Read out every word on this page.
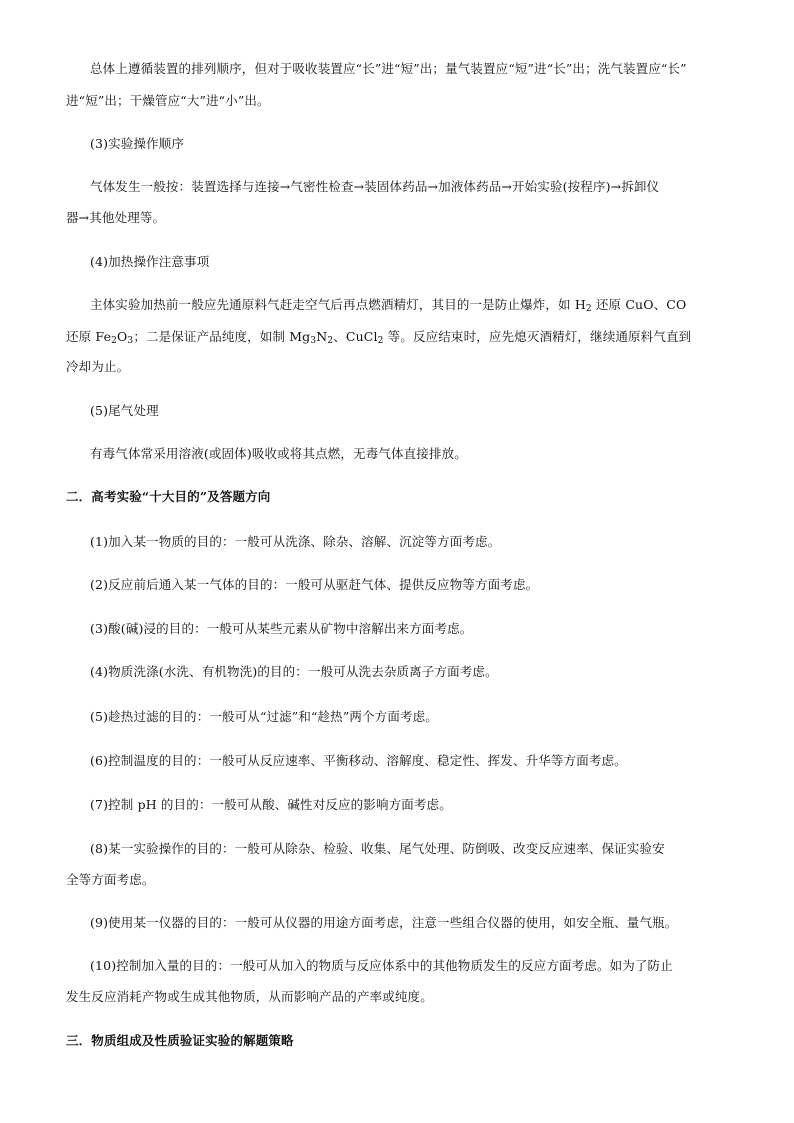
总体上遵循装置的排列顺序，但对于吸收装置应“长”进“短”出；量气装置应“短”进“长”出；洗气装置应“长”
进“短”出；干燥管应“大”进“小”出。
(3)实验操作顺序
气体发生一般按：装置选择与连接→气密性检查→装固体药品→加液体药品→开始实验(按程序)→拆卸仪
器→其他处理等。
(4)加热操作注意事项
主体实验加热前一般应先通原料气赶走空气后再点燃酒精灯，其目的一是防止爆炸，如 $H_2$ 还原 CuO、CO
还原 $Fe_2O_3$；二是保证产品纯度，如制 $Mg_3N_2$、CuCl$_2$ 等。反应结束时，应先熄灭酒精灯，继续通原料气直到
冷却为止。
(5)尾气处理
有毒气体常采用溶液(或固体)吸收或将其点燃，无毒气体直接排放。
二．高考实验“十大目的”及答题方向
(1)加入某一物质的目的：一般可从洗涤、除杂、溶解、沉淀等方面考虑。
(2)反应前后通入某一气体的目的：一般可从驱赶气体、提供反应物等方面考虑。
(3)酸(碱)浸的目的：一般可从某些元素从矿物中溶解出来方面考虑。
(4)物质洗涤(水洗、有机物洗)的目的：一般可从洗去杂质离子方面考虑。
(5)趁热过滤的目的：一般可从“过滤”和“趁热”两个方面考虑。
(6)控制温度的目的：一般可从反应速率、平衡移动、溶解度、稳定性、挥发、升华等方面考虑。
(7)控制 pH 的目的：一般可从酸、碱性对反应的影响方面考虑。
(8)某一实验操作的目的：一般可从除杂、检验、收集、尾气处理、防倒吸、改变反应速率、保证实验安
全等方面考虑。
(9)使用某一仪器的目的：一般可从仪器的用途方面考虑，注意一些组合仪器的使用，如安全瓶、量气瓶。
(10)控制加入量的目的：一般可从加入的物质与反应体系中的其他物质发生的反应方面考虑。如为了防止
发生反应消耗产物或生成其他物质，从而影响产品的产率或纯度。
三．物质组成及性质验证实验的解题策略
